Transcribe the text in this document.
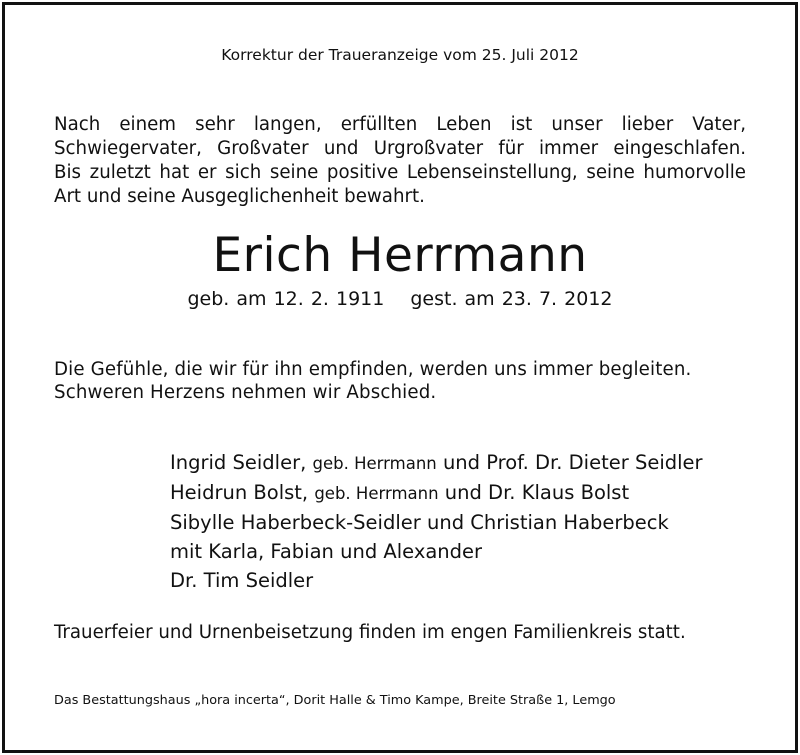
Korrektur der Traueranzeige vom 25. Juli 2012
Nach einem sehr langen, erfüllten Leben ist unser lieber Vater,
Schwiegervater, Großvater und Urgroßvater für immer eingeschlafen.
Bis zuletzt hat er sich seine positive Lebenseinstellung, seine humorvolle
Art und seine Ausgeglichenheit bewahrt.
Erich Herrmann
geb. am 12. 2. 1911 gest. am 23. 7. 2012
Die Gefühle, die wir für ihn empfinden, werden uns immer begleiten.
Schweren Herzens nehmen wir Abschied.
Ingrid Seidler, geb. Herrmann und Prof. Dr. Dieter Seidler
Heidrun Bolst, geb. Herrmann und Dr. Klaus Bolst
Sibylle Haberbeck-Seidler und Christian Haberbeck
mit Karla, Fabian und Alexander
Dr. Tim Seidler
Trauerfeier und Urnenbeisetzung finden im engen Familienkreis statt.
Das Bestattungshaus „hora incerta“, Dorit Halle & Timo Kampe, Breite Straße 1, Lemgo
